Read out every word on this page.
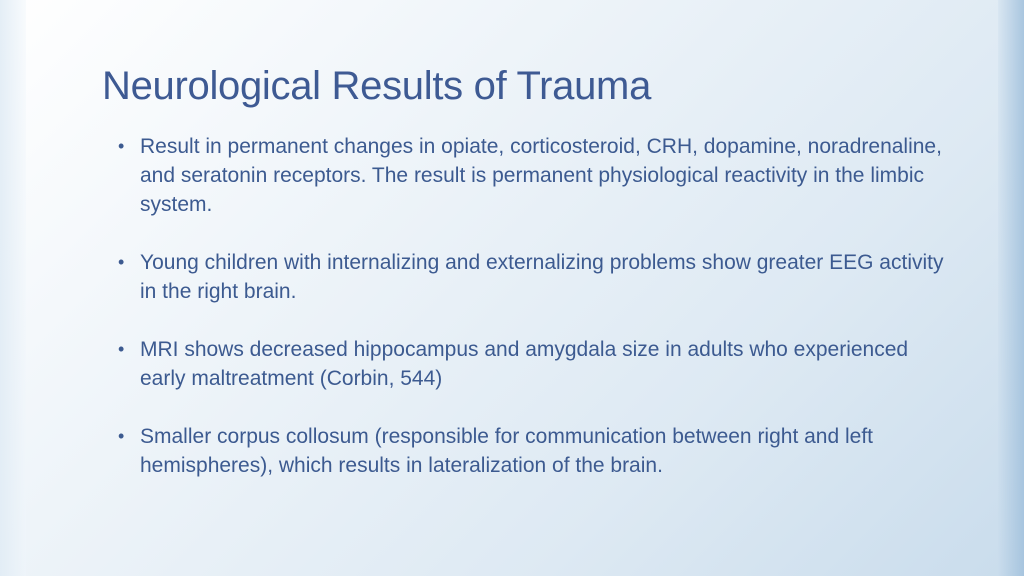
Neurological Results of Trauma
• Result in permanent changes in opiate, corticosteroid, CRH, dopamine, noradrenaline, and seratonin receptors. The result is permanent physiological reactivity in the limbic system.
• Young children with internalizing and externalizing problems show greater EEG activity in the right brain.
• MRI shows decreased hippocampus and amygdala size in adults who experienced early maltreatment (Corbin, 544)
• Smaller corpus collosum (responsible for communication between right and left hemispheres), which results in lateralization of the brain.
